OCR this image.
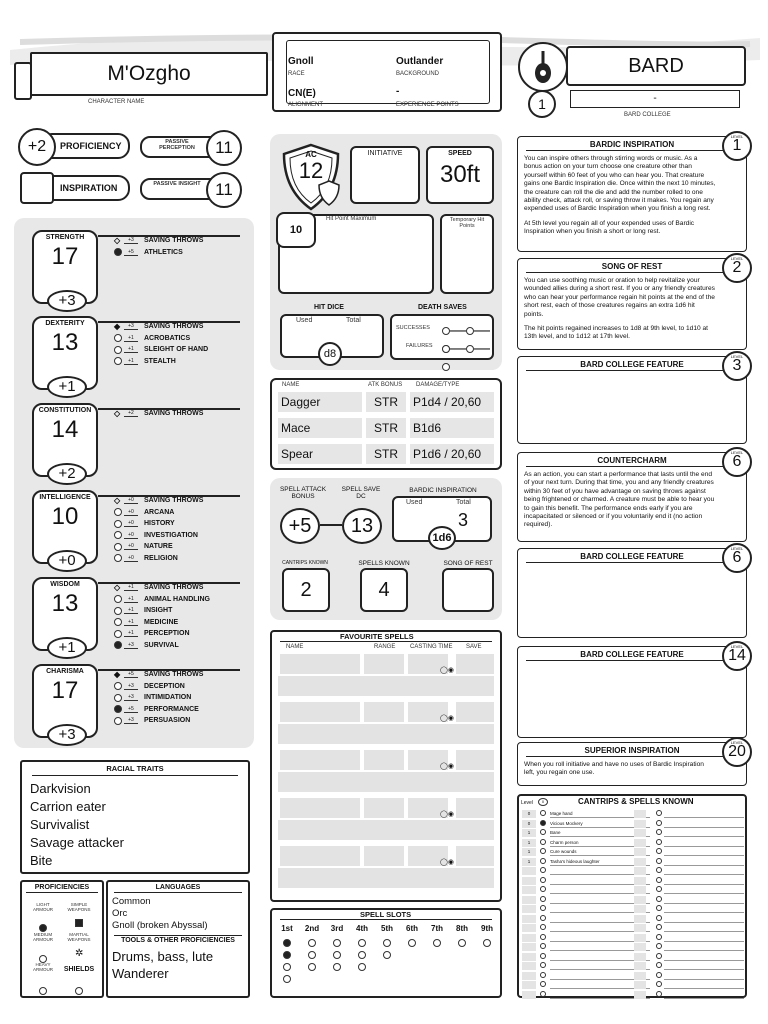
M'Ozgho
CHARACTER NAME
Gnoll
RACE
Outlander
BACKGROUND
CN(E)
ALIGNMENT
-
EXPERIENCE POINTS	1
BARD
-
BARD COLLEGE
+2 PROFICIENCY
INSPIRATION
PASSIVE PERCEPTION	11
PASSIVE INSIGHT 11
STRENGTH
17
+3
◇	+3	SAVING THROWS
+5	ATHLETICS
DEXTERITY
13
+1
◆	+3	SAVING THROWS
+1	ACROBATICS
+1	SLEIGHT OF HAND
+1	STEALTH
CONSTITUTION
14
+2
◇	+2	SAVING THROWS
INTELLIGENCE
10
+0
◇	+0	SAVING THROWS
+0	ARCANA
+0	HISTORY
+0	INVESTIGATION
+0	NATURE
+0	RELIGION
WISDOM
13
+1
◇	+1	SAVING THROWS
+1	ANIMAL HANDLING
+1	INSIGHT
+1	MEDICINE
+1	PERCEPTION
+3	SURVIVAL
CHARISMA
17
+3
◆	+5	SAVING THROWS
+3	DECEPTION
+3	INTIMIDATION
+5	PERFORMANCE
+3	PERSUASION
RACIAL TRAITS
Darkvision
Carrion eater
Survivalist
Savage attacker
Bite
PROFICIENCIES
LIGHT ARMOUR
SIMPLE WEAPONS
MEDIUM ARMOUR
MARTIAL WEAPONS
✲
HEAVY ARMOUR	SHIELDS
LANGUAGES
Common
Orc
Gnoll (broken Abyssal)
TOOLS & OTHER PROFICIENCIES
Drums, bass, lute
Wanderer
AC
12
INITIATIVE	SPEED
30ft
Hit Point Maximum
10
Temporary Hit Points
HIT DICE
Used	Total
d8
DEATH SAVES
SUCCESSES	— —
FAILURES	— —
NAME	ATK BONUS DAMAGE/TYPE
Dagger	STR	P1d4 / 20,60
Mace	STR	B1d6
Spear	STR	P1d6 / 20,60
SPELL ATTACK BONUS
+5
SPELL SAVE DC
13
BARDIC INSPIRATION
Used	Total
3
1d6
CANTRIPS KNOWN
2
SPELLS KNOWN
4
SONG OF REST
FAVOURITE SPELLS
NAME	RANGE CASTING TIME SAVE
◯◉
◯◉
◯◉
◯◉
◯◉
SPELL SLOTS
1st	2nd	3rd	4th	5th	6th	7th	8th	9th
BARDIC INSPIRATION	LEVEL 1
You can inspire others through stirring words or music. As a bonus action on your turn choose one creature other than yourself within 60 feet of you who can hear you. That creature gains one Bardic Inspiration die. Once within the next 10 minutes, the creature can roll the die and add the number rolled to one ability check, attack roll, or saving throw it makes. You regain any expended uses of Bardic Inspiration when you finish a long rest.
At 5th level you regain all of your expended uses of Bardic Inspiration when you finish a short or long rest.
SONG OF REST	LEVEL 2
You can use soothing music or oration to help revitalize your wounded allies during a short rest. If you or any friendly creatures who can hear your performance regain hit points at the end of the short rest, each of those creatures regains an extra 1d6 hit points.
The hit points regained increases to 1d8 at 9th level, to 1d10 at 13th level, and to 1d12 at 17th level.
BARD COLLEGE FEATURE	LEVEL 3
COUNTERCHARM	LEVEL 6
As an action, you can start a performance that lasts until the end of your next turn. During that time, you and any friendly creatures within 30 feet of you have advantage on saving throws against being frightened or charmed. A creature must be able to hear you to gain this benefit. The performance ends early if you are incapacitated or silenced or if you voluntarily end it (no action required).
BARD COLLEGE FEATURE	LEVEL 6
BARD COLLEGE FEATURE	LEVEL 14
SUPERIOR INSPIRATION	LEVEL 20
When you roll initiative and have no uses of Bardic Inspiration left, you regain one use.
Level	CANTRIPS & SPELLS KNOWN
0
0	Mage hand
0	Vicious Mockery
1	Bane
1	Charm person
1	Cure wounds
1	Tasha's hideous laughter
